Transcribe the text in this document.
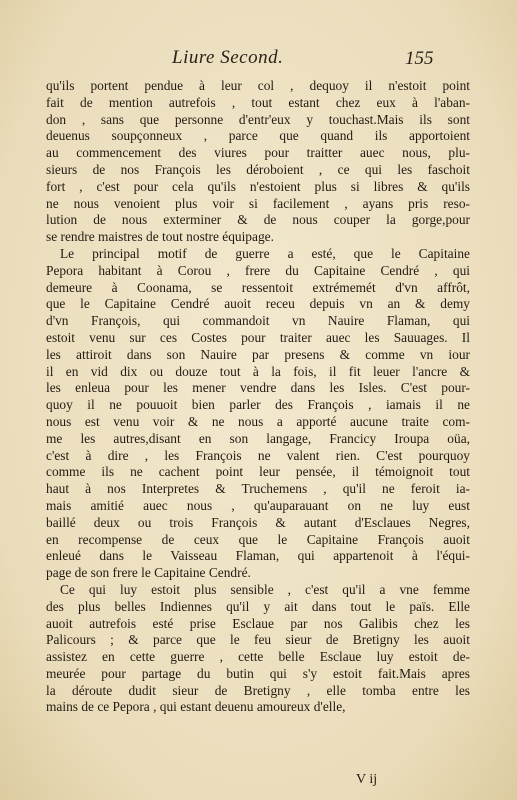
Liure Second.	155
qu'ils portent pendue à leur col , dequoy il n'estoit point
fait de mention autrefois , tout estant chez eux à l'aban-
don , sans que personne d'entr'eux y touchast.Mais ils sont
deuenus soupçonneux , parce que quand ils apportoient
au commencement des viures pour traitter auec nous, plu-
sieurs de nos François les déroboient , ce qui les faschoit
fort , c'est pour cela qu'ils n'estoient plus si libres & qu'ils
ne nous venoient plus voir si facilement , ayans pris reso-
lution de nous exterminer & de nous couper la gorge,pour
se rendre maistres de tout nostre équipage.
Le principal motif de guerre a esté, que le Capitaine
Pepora habitant à Corou , frere du Capitaine Cendré , qui
demeure à Coonama, se ressentoit extrémemét d'vn affrôt,
que le Capitaine Cendré auoit receu depuis vn an & demy
d'vn François, qui commandoit vn Nauire Flaman, qui
estoit venu sur ces Costes pour traiter auec les Sauuages. Il
les attiroit dans son Nauire par presens & comme vn iour
il en vid dix ou douze tout à la fois, il fit leuer l'ancre &
les enleua pour les mener vendre dans les Isles. C'est pour-
quoy il ne pouuoit bien parler des François , iamais il ne
nous est venu voir & ne nous a apporté aucune traite com-
me les autres,disant en son langage, Francicy Iroupa oüa,
c'est à dire , les François ne valent rien. C'est pourquoy
comme ils ne cachent point leur pensée, il témoignoit tout
haut à nos Interpretes & Truchemens , qu'il ne feroit ia-
mais amitié auec nous , qu'auparauant on ne luy eust
baillé deux ou trois François & autant d'Esclaues Negres,
en recompense de ceux que le Capitaine François auoit
enleué dans le Vaisseau Flaman, qui appartenoit à l'équi-
page de son frere le Capitaine Cendré.
Ce qui luy estoit plus sensible , c'est qu'il a vne femme
des plus belles Indiennes qu'il y ait dans tout le païs. Elle
auoit autrefois esté prise Esclaue par nos Galibis chez les
Palicours ; & parce que le feu sieur de Bretigny les auoit
assistez en cette guerre , cette belle Esclaue luy estoit de-
meurée pour partage du butin qui s'y estoit fait.Mais apres
la déroute dudit sieur de Bretigny , elle tomba entre les
mains de ce Pepora , qui estant deuenu amoureux d'elle,
V ij
